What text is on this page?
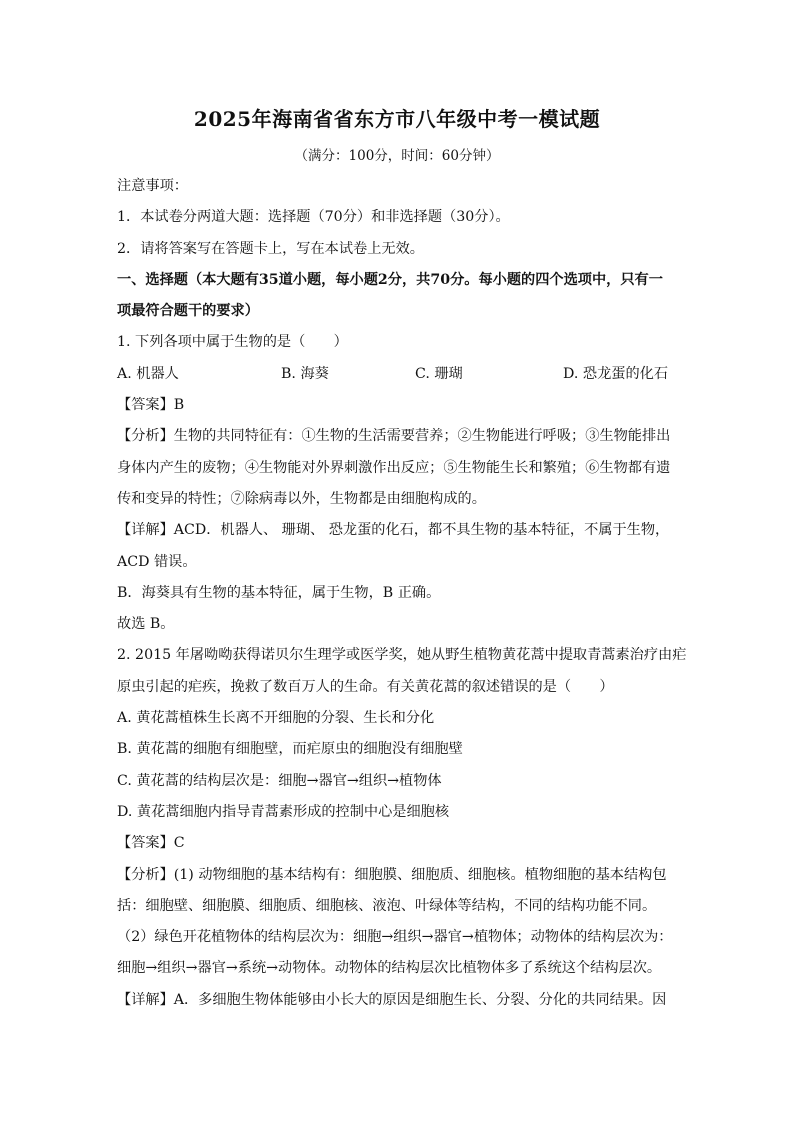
2025年海南省省东方市八年级中考一模试题
（满分：100分，时间：60分钟）
注意事项：
1．本试卷分两道大题：选择题（70分）和非选择题（30分）。
2．请将答案写在答题卡上，写在本试卷上无效。
一、选择题（本大题有35道小题，每小题2分，共70分。每小题的四个选项中，只有一
项最符合题干的要求）
1. 下列各项中属于生物的是（　　）
A. 机器人	B. 海葵	C. 珊瑚	D. 恐龙蛋的化石
【答案】B
【分析】生物的共同特征有：①生物的生活需要营养；②生物能进行呼吸；③生物能排出
身体内产生的废物；④生物能对外界刺激作出反应；⑤生物能生长和繁殖；⑥生物都有遗
传和变异的特性；⑦除病毒以外，生物都是由细胞构成的。
【详解】ACD．机器人、 珊瑚、 恐龙蛋的化石，都不具生物的基本特征，不属于生物，
ACD 错误。
B．海葵具有生物的基本特征，属于生物，B 正确。
故选 B。
2. 2015 年屠呦呦获得诺贝尔生理学或医学奖，她从野生植物黄花蒿中提取青蒿素治疗由疟
原虫引起的疟疾，挽救了数百万人的生命。有关黄花蒿的叙述错误的是（　　）
A. 黄花蒿植株生长离不开细胞的分裂、生长和分化
B. 黄花蒿的细胞有细胞壁，而疟原虫的细胞没有细胞壁
C. 黄花蒿的结构层次是：细胞→器官→组织→植物体
D. 黄花蒿细胞内指导青蒿素形成的控制中心是细胞核
【答案】C
【分析】(1) 动物细胞的基本结构有：细胞膜、细胞质、细胞核。植物细胞的基本结构包
括：细胞壁、细胞膜、细胞质、细胞核、液泡、叶绿体等结构，不同的结构功能不同。
（2）绿色开花植物体的结构层次为：细胞→组织→器官→植物体；动物体的结构层次为：
细胞→组织→器官→系统→动物体。动物体的结构层次比植物体多了系统这个结构层次。
【详解】A．多细胞生物体能够由小长大的原因是细胞生长、分裂、分化的共同结果。因
